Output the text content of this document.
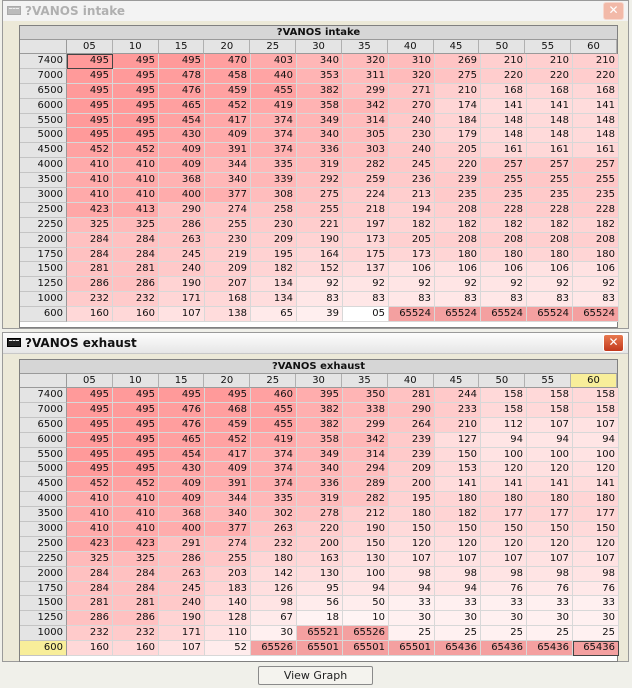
?VANOS intake	✕
?VANOS intake
05	10	15	20	25	30	35	40	45	50	55	60
7400	495	495	495	470	403	340	320	310	269	210	210	210
7000	495	495	478	458	440	353	311	320	275	220	220	220
6500	495	495	476	459	455	382	299	271	210	168	168	168
6000	495	495	465	452	419	358	342	270	174	141	141	141
5500	495	495	454	417	374	349	314	240	184	148	148	148
5000	495	495	430	409	374	340	305	230	179	148	148	148
4500	452	452	409	391	374	336	303	240	205	161	161	161
4000	410	410	409	344	335	319	282	245	220	257	257	257
3500	410	410	368	340	339	292	259	236	239	255	255	255
3000	410	410	400	377	308	275	224	213	235	235	235	235
2500	423	413	290	274	258	255	218	194	208	228	228	228
2250	325	325	286	255	230	221	197	182	182	182	182	182
2000	284	284	263	230	209	190	173	205	208	208	208	208
1750	284	284	245	219	195	164	175	173	180	180	180	180
1500	281	281	240	209	182	152	137	106	106	106	106	106
1250	286	286	190	207	134	92	92	92	92	92	92	92
1000	232	232	171	168	134	83	83	83	83	83	83	83
600	160	160	107	138	65	39	05	65524	65524	65524	65524	65524
?VANOS exhaust	✕
?VANOS exhaust
05	10	15	20	25	30	35	40	45	50	55	60
7400	495	495	495	495	460	395	350	281	244	158	158	158
7000	495	495	476	468	455	382	338	290	233	158	158	158
6500	495	495	476	459	455	382	299	264	210	112	107	107
6000	495	495	465	452	419	358	342	239	127	94	94	94
5500	495	495	454	417	374	349	314	239	150	100	100	100
5000	495	495	430	409	374	340	294	209	153	120	120	120
4500	452	452	409	391	374	336	289	200	141	141	141	141
4000	410	410	409	344	335	319	282	195	180	180	180	180
3500	410	410	368	340	302	278	212	180	182	177	177	177
3000	410	410	400	377	263	220	190	150	150	150	150	150
2500	423	423	291	274	232	200	150	120	120	120	120	120
2250	325	325	286	255	180	163	130	107	107	107	107	107
2000	284	284	263	203	142	130	100	98	98	98	98	98
1750	284	284	245	183	126	95	94	94	94	76	76	76
1500	281	281	240	140	98	56	50	33	33	33	33	33
1250	286	286	190	128	67	18	10	30	30	30	30	30
1000	232	232	171	110	30	65521	65526	25	25	25	25	25
600	160	160	107	52	65526	65501	65501	65501	65436	65436	65436	65436
View Graph
